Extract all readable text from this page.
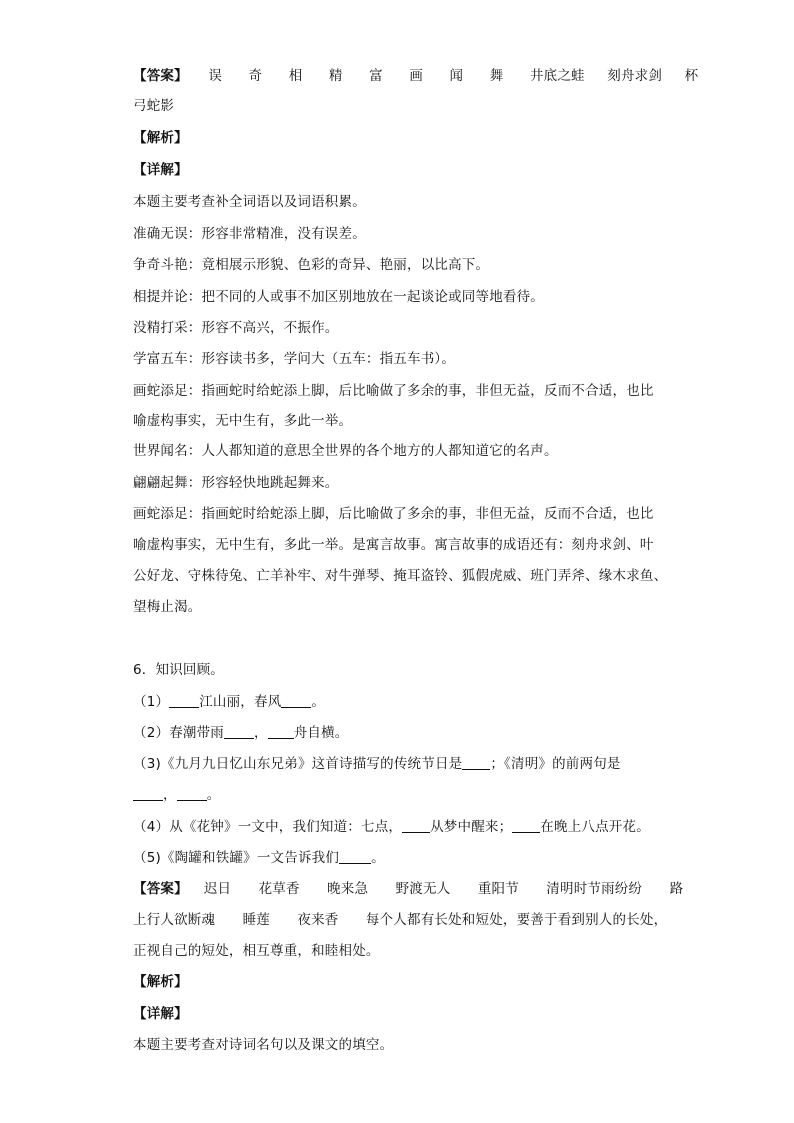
【答案】 误 奇 相 精 富 画 闻 舞 井底之蛙 刻舟求剑 杯
弓蛇影
【解析】
【详解】
本题主要考查补全词语以及词语积累。
准确无误：形容非常精准，没有误差。
争奇斗艳：竟相展示形貌、色彩的奇异、艳丽，以比高下。
相提并论：把不同的人或事不加区别地放在一起谈论或同等地看待。
没精打采：形容不高兴，不振作。
学富五车：形容读书多，学问大（五车：指五车书）。
画蛇添足：指画蛇时给蛇添上脚，后比喻做了多余的事，非但无益，反而不合适，也比
喻虚构事实，无中生有，多此一举。
世界闻名：人人都知道的意思全世界的各个地方的人都知道它的名声。
翩翩起舞：形容轻快地跳起舞来。
画蛇添足：指画蛇时给蛇添上脚，后比喻做了多余的事，非但无益，反而不合适，也比
喻虚构事实，无中生有，多此一举。是寓言故事。寓言故事的成语还有：刻舟求剑、叶
公好龙、守株待兔、亡羊补牢、对牛弹琴、掩耳盗铃、狐假虎威、班门弄斧、缘木求鱼、
望梅止渴。
6．知识回顾。
（1） 江山丽，春风 。
（2）春潮带雨 ， 舟自横。
（3)《九月九日忆山东兄弟》这首诗描写的传统节日是 ；《清明》的前两句是
， 。
（4）从《花钟》一文中，我们知道：七点， 从梦中醒来； 在晚上八点开花。
（5)《陶罐和铁罐》一文告诉我们 。
【答案】 迟日　　花草香　　晚来急　　野渡无人　　重阳节　　清明时节雨纷纷　　路
上行人欲断魂　　睡莲　　夜来香　　每个人都有长处和短处，要善于看到别人的长处，
正视自己的短处，相互尊重，和睦相处。
【解析】
【详解】
本题主要考查对诗词名句以及课文的填空。
